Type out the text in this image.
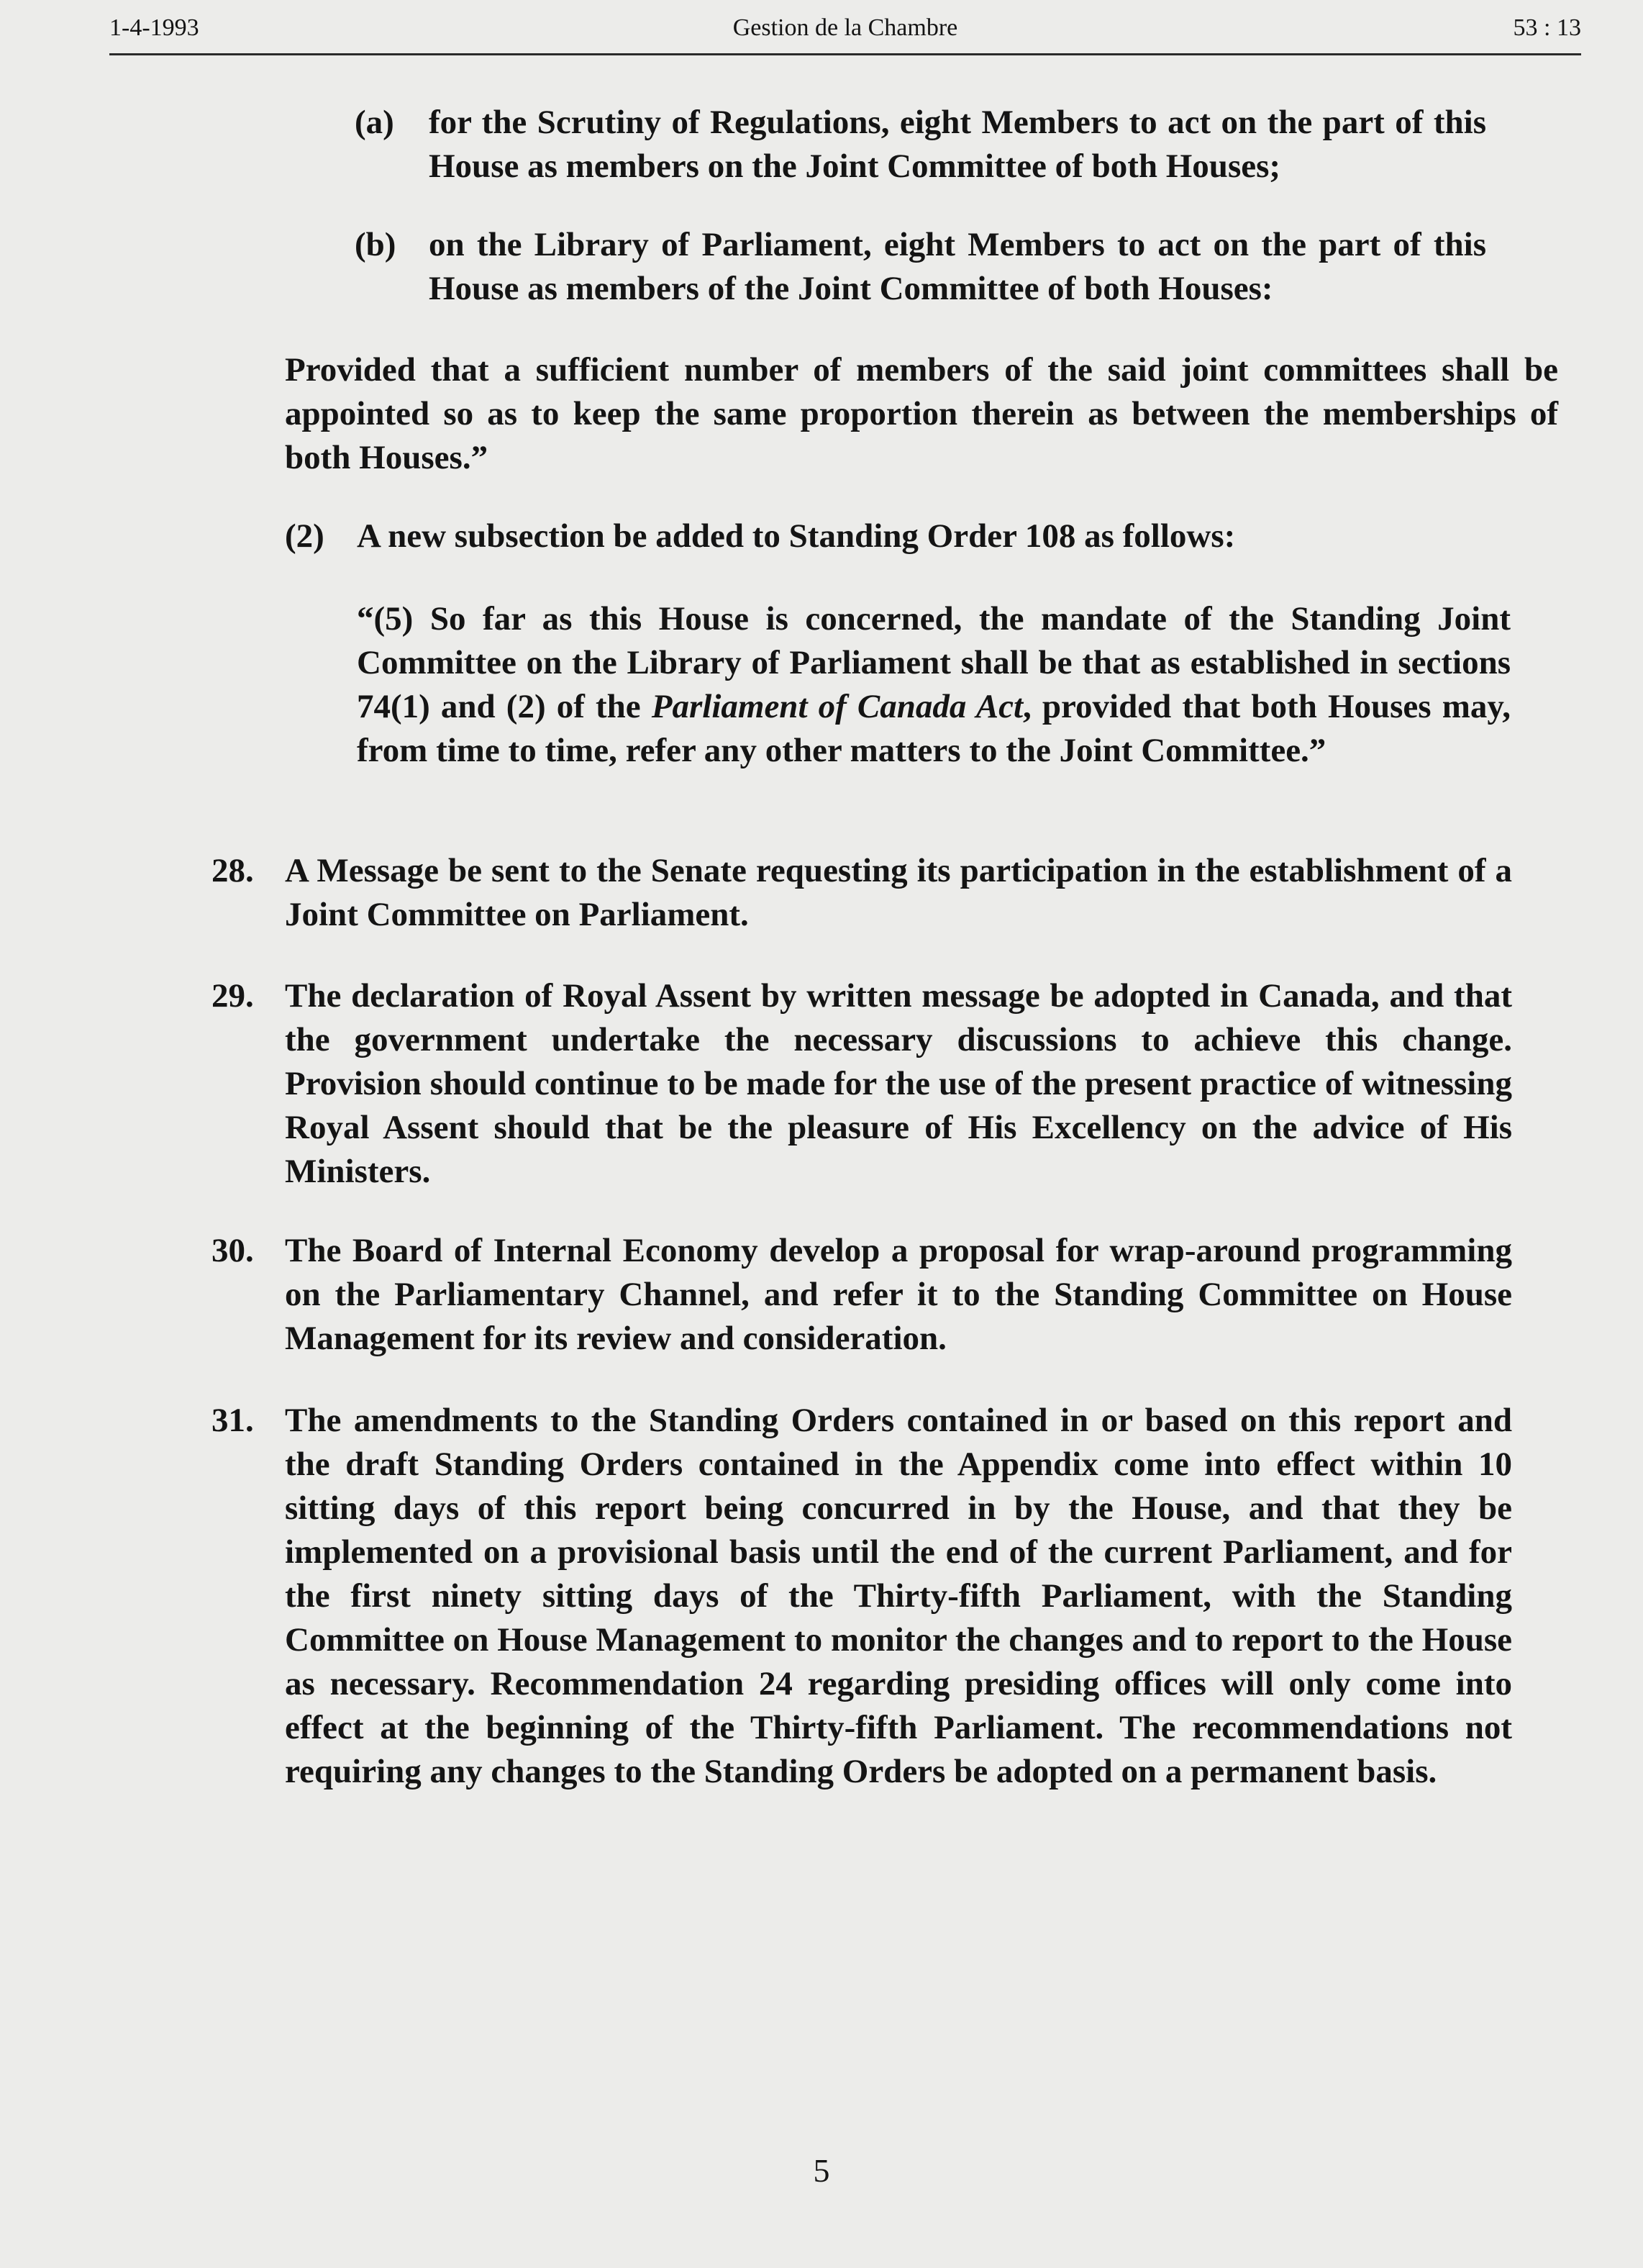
1-4-1993	Gestion de la Chambre	53 : 13
(a) for the Scrutiny of Regulations, eight Members to act on the part of this House as members on the Joint Committee of both Houses;
(b) on the Library of Parliament, eight Members to act on the part of this House as members of the Joint Committee of both Houses:
Provided that a sufficient number of members of the said joint committees shall be appointed so as to keep the same proportion therein as between the memberships of both Houses.”
(2) A new subsection be added to Standing Order 108 as follows:
“(5) So far as this House is concerned, the mandate of the Standing Joint Committee on the Library of Parliament shall be that as established in sections 74(1) and (2) of the Parliament of Canada Act, provided that both Houses may, from time to time, refer any other matters to the Joint Committee.”
28. A Message be sent to the Senate requesting its participation in the establishment of a Joint Committee on Parliament.
29. The declaration of Royal Assent by written message be adopted in Canada, and that the government undertake the necessary discussions to achieve this change. Provision should continue to be made for the use of the present practice of witnessing Royal Assent should that be the pleasure of His Excellency on the advice of His Ministers.
30. The Board of Internal Economy develop a proposal for wrap-around programming on the Parliamentary Channel, and refer it to the Standing Committee on House Management for its review and consideration.
31. The amendments to the Standing Orders contained in or based on this report and the draft Standing Orders contained in the Appendix come into effect within 10 sitting days of this report being concurred in by the House, and that they be implemented on a provisional basis until the end of the current Parliament, and for the first ninety sitting days of the Thirty-fifth Parliament, with the Standing Committee on House Management to monitor the changes and to report to the House as necessary. Recommendation 24 regarding presiding offices will only come into effect at the beginning of the Thirty-fifth Parliament. The recommendations not requiring any changes to the Standing Orders be adopted on a permanent basis.
5
